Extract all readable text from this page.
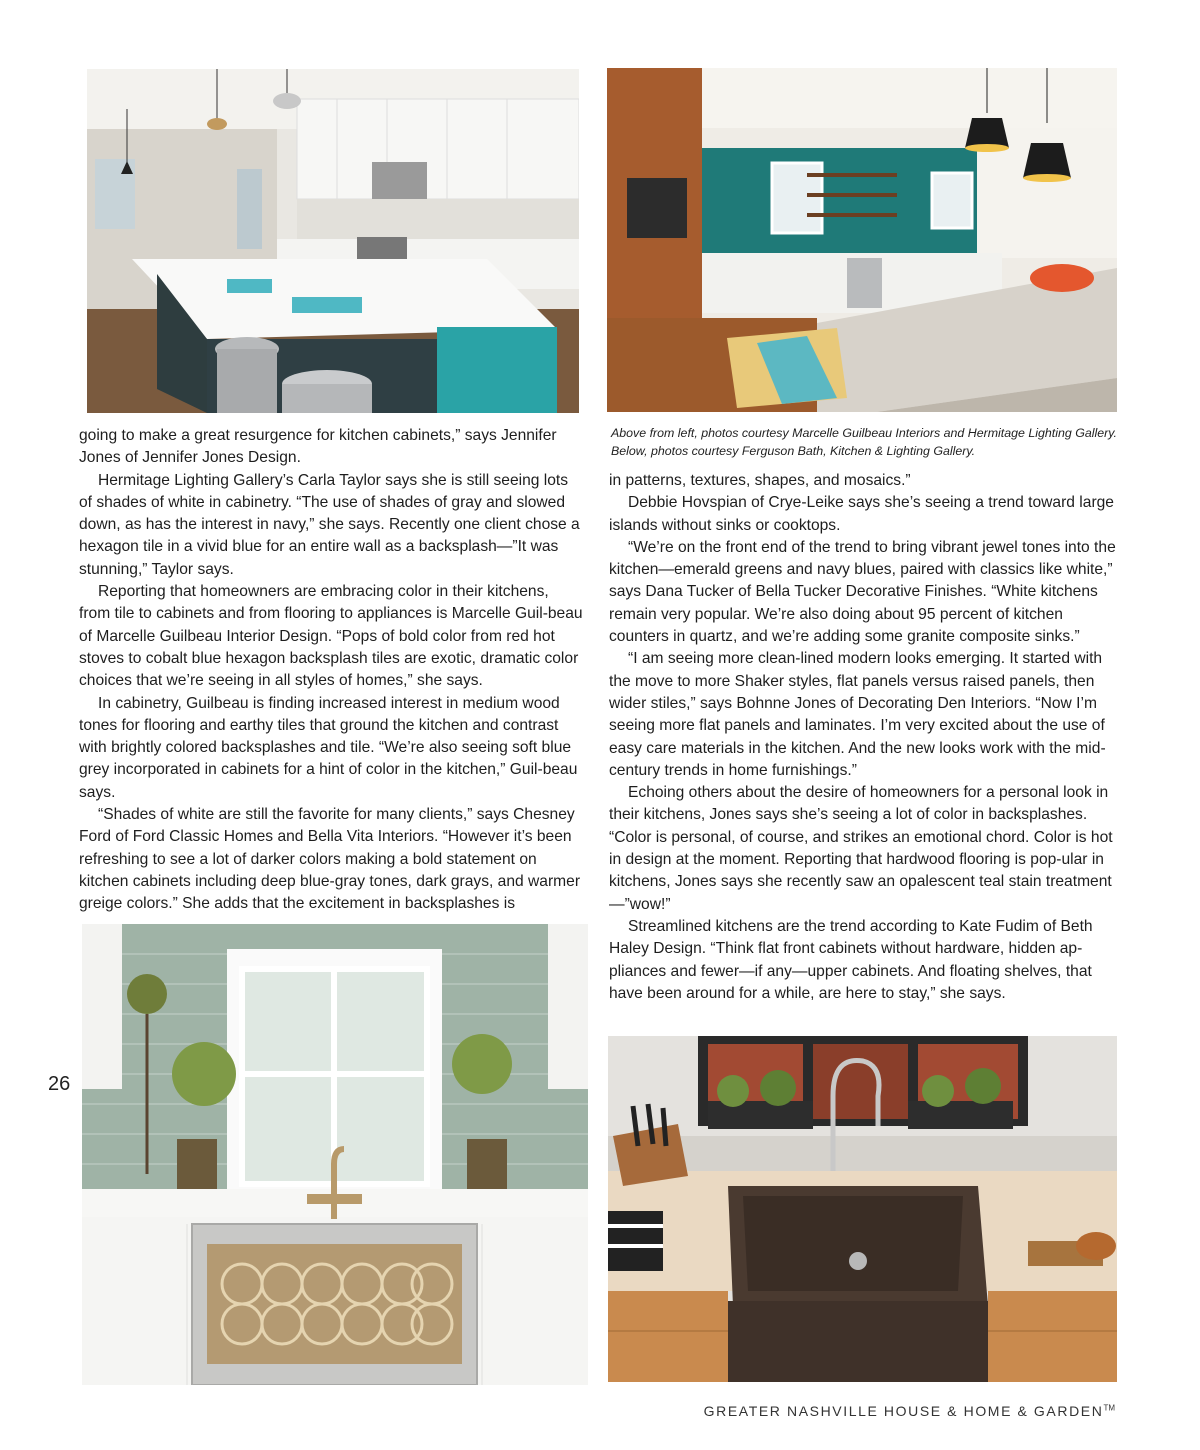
Above from left, photos courtesy Marcelle Guilbeau Interiors and Hermitage Lighting Gallery. Below, photos courtesy Ferguson Bath, Kitchen & Lighting Gallery.

going to make a great resurgence for kitchen cabinets,” says Jennifer Jones of Jennifer Jones Design.

Hermitage Lighting Gallery’s Carla Taylor says she is still seeing lots of shades of white in cabinetry. “The use of shades of gray and slowed down, as has the interest in navy,” she says. Recently one client chose a hexagon tile in a vivid blue for an entire wall as a backsplash—”It was stunning,” Taylor says.

Reporting that homeowners are embracing color in their kitchens, from tile to cabinets and from flooring to appliances is Marcelle Guil-beau of Marcelle Guilbeau Interior Design. “Pops of bold color from red hot stoves to cobalt blue hexagon backsplash tiles are exotic, dramatic color choices that we’re seeing in all styles of homes,” she says.

In cabinetry, Guilbeau is finding increased interest in medium wood tones for flooring and earthy tiles that ground the kitchen and contrast with brightly colored backsplashes and tile. “We’re also seeing soft blue grey incorporated in cabinets for a hint of color in the kitchen,” Guil-beau says.

“Shades of white are still the favorite for many clients,” says Chesney Ford of Ford Classic Homes and Bella Vita Interiors. “However it’s been refreshing to see a lot of darker colors making a bold statement on kitchen cabinets including deep blue-gray tones, dark grays, and warmer greige colors.” She adds that the excitement in backsplashes is

in patterns, textures, shapes, and mosaics.”

Debbie Hovspian of Crye-Leike says she’s seeing a trend toward large islands without sinks or cooktops.

“We’re on the front end of the trend to bring vibrant jewel tones into the kitchen—emerald greens and navy blues, paired with classics like white,” says Dana Tucker of Bella Tucker Decorative Finishes. “White kitchens remain very popular. We’re also doing about 95 percent of kitchen counters in quartz, and we’re adding some granite composite sinks.”

“I am seeing more clean-lined modern looks emerging. It started with the move to more Shaker styles, flat panels versus raised panels, then wider stiles,” says Bohnne Jones of Decorating Den Interiors. “Now I’m seeing more flat panels and laminates. I’m very excited about the use of easy care materials in the kitchen. And the new looks work with the mid-century trends in home furnishings.”

Echoing others about the desire of homeowners for a personal look in their kitchens, Jones says she’s seeing a lot of color in backsplashes. “Color is personal, of course, and strikes an emotional chord. Color is hot in design at the moment. Reporting that hardwood flooring is pop-ular in kitchens, Jones says she recently saw an opalescent teal stain treatment—”wow!”

Streamlined kitchens are the trend according to Kate Fudim of Beth Haley Design. “Think flat front cabinets without hardware, hidden ap-pliances and fewer—if any—upper cabinets. And floating shelves, that have been around for a while, are here to stay,” she says.

26
GREATER NASHVILLE HOUSE & HOME & GARDEN™
